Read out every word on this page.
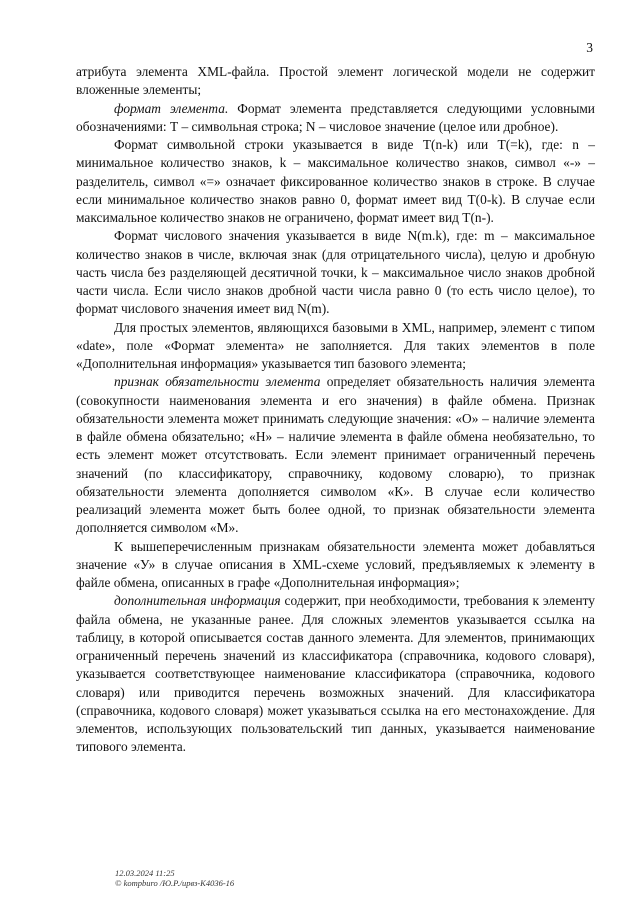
3

атрибута элемента XML-файла. Простой элемент логической модели не содержит вложенные элементы;

формат элемента. Формат элемента представляется следующими условными обозначениями: Т – символьная строка; N – числовое значение (целое или дробное).

Формат символьной строки указывается в виде Т(n-k) или Т(=k), где: n – минимальное количество знаков, k – максимальное количество знаков, символ «-» – разделитель, символ «=» означает фиксированное количество знаков в строке. В случае если минимальное количество знаков равно 0, формат имеет вид Т(0-k). В случае если максимальное количество знаков не ограничено, формат имеет вид Т(n-).

Формат числового значения указывается в виде N(m.k), где: m – максимальное количество знаков в числе, включая знак (для отрицательного числа), целую и дробную часть числа без разделяющей десятичной точки, k – максимальное число знаков дробной части числа. Если число знаков дробной части числа равно 0 (то есть число целое), то формат числового значения имеет вид N(m).

Для простых элементов, являющихся базовыми в XML, например, элемент с типом «date», поле «Формат элемента» не заполняется. Для таких элементов в поле «Дополнительная информация» указывается тип базового элемента;

признак обязательности элемента определяет обязательность наличия элемента (совокупности наименования элемента и его значения) в файле обмена. Признак обязательности элемента может принимать следующие значения: «О» – наличие элемента в файле обмена обязательно; «Н» – наличие элемента в файле обмена необязательно, то есть элемент может отсутствовать. Если элемент принимает ограниченный перечень значений (по классификатору, справочнику, кодовому словарю), то признак обязательности элемента дополняется символом «К». В случае если количество реализаций элемента может быть более одной, то признак обязательности элемента дополняется символом «М».

К вышеперечисленным признакам обязательности элемента может добавляться значение «У» в случае описания в XML-схеме условий, предъявляемых к элементу в файле обмена, описанных в графе «Дополнительная информация»;

дополнительная информация содержит, при необходимости, требования к элементу файла обмена, не указанные ранее. Для сложных элементов указывается ссылка на таблицу, в которой описывается состав данного элемента. Для элементов, принимающих ограниченный перечень значений из классификатора (справочника, кодового словаря), указывается соответствующее наименование классификатора (справочника, кодового словаря) или приводится перечень возможных значений. Для классификатора (справочника, кодового словаря) может указываться ссылка на его местонахождение. Для элементов, использующих пользовательский тип данных, указывается наименование типового элемента.

12.03.2024 11:25
© kompburo /Ю.Р./ирвз-К4036-16
